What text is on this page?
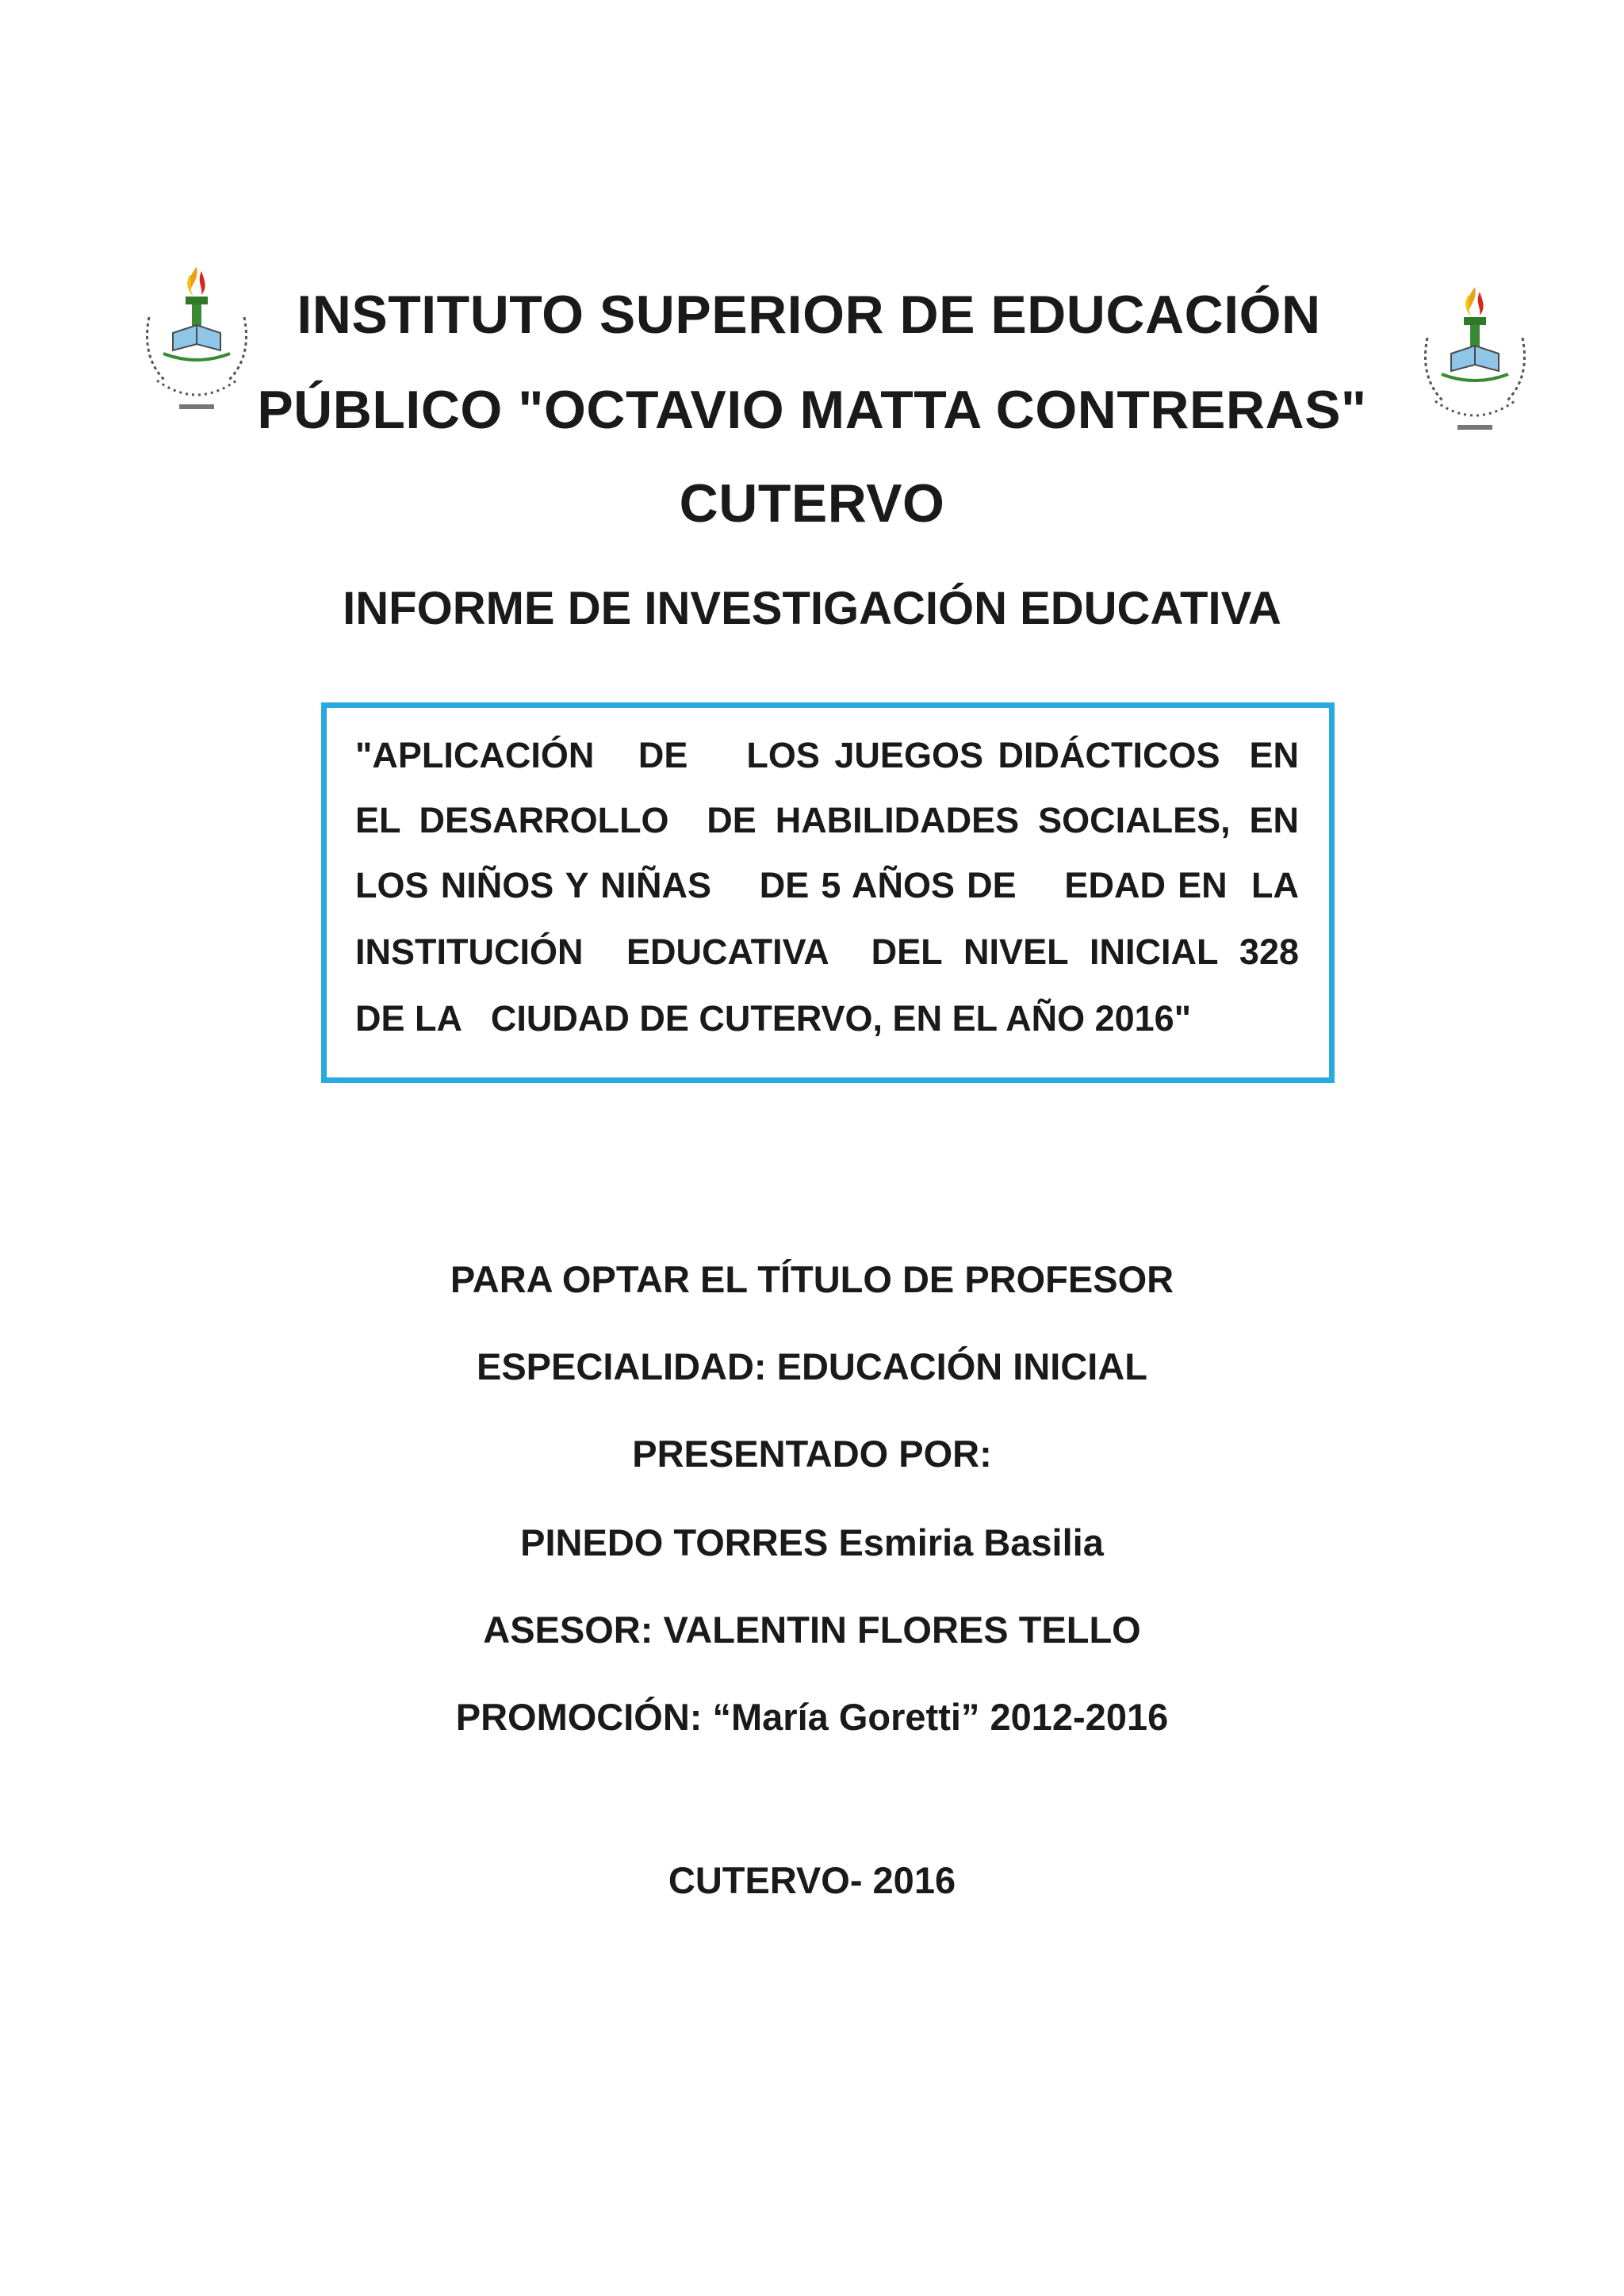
INSTITUTO SUPERIOR DE EDUCACIÓN
PÚBLICO "OCTAVIO MATTA CONTRERAS"
CUTERVO
INFORME DE INVESTIGACIÓN EDUCATIVA
"APLICACIÓN   DE    LOS JUEGOS DIDÁCTICOS  EN
EL DESARROLLO  DE HABILIDADES SOCIALES, EN
LOS NIÑOS Y NIÑAS    DE 5 AÑOS DE    EDAD EN  LA
INSTITUCIÓN  EDUCATIVA  DEL NIVEL INICIAL 328
DE LA   CIUDAD DE CUTERVO, EN EL AÑO 2016"
PARA OPTAR EL TÍTULO DE PROFESOR
ESPECIALIDAD: EDUCACIÓN INICIAL
PRESENTADO POR:
PINEDO TORRES Esmiria Basilia
ASESOR: VALENTIN FLORES TELLO
PROMOCIÓN: “María Goretti” 2012-2016
CUTERVO- 2016
